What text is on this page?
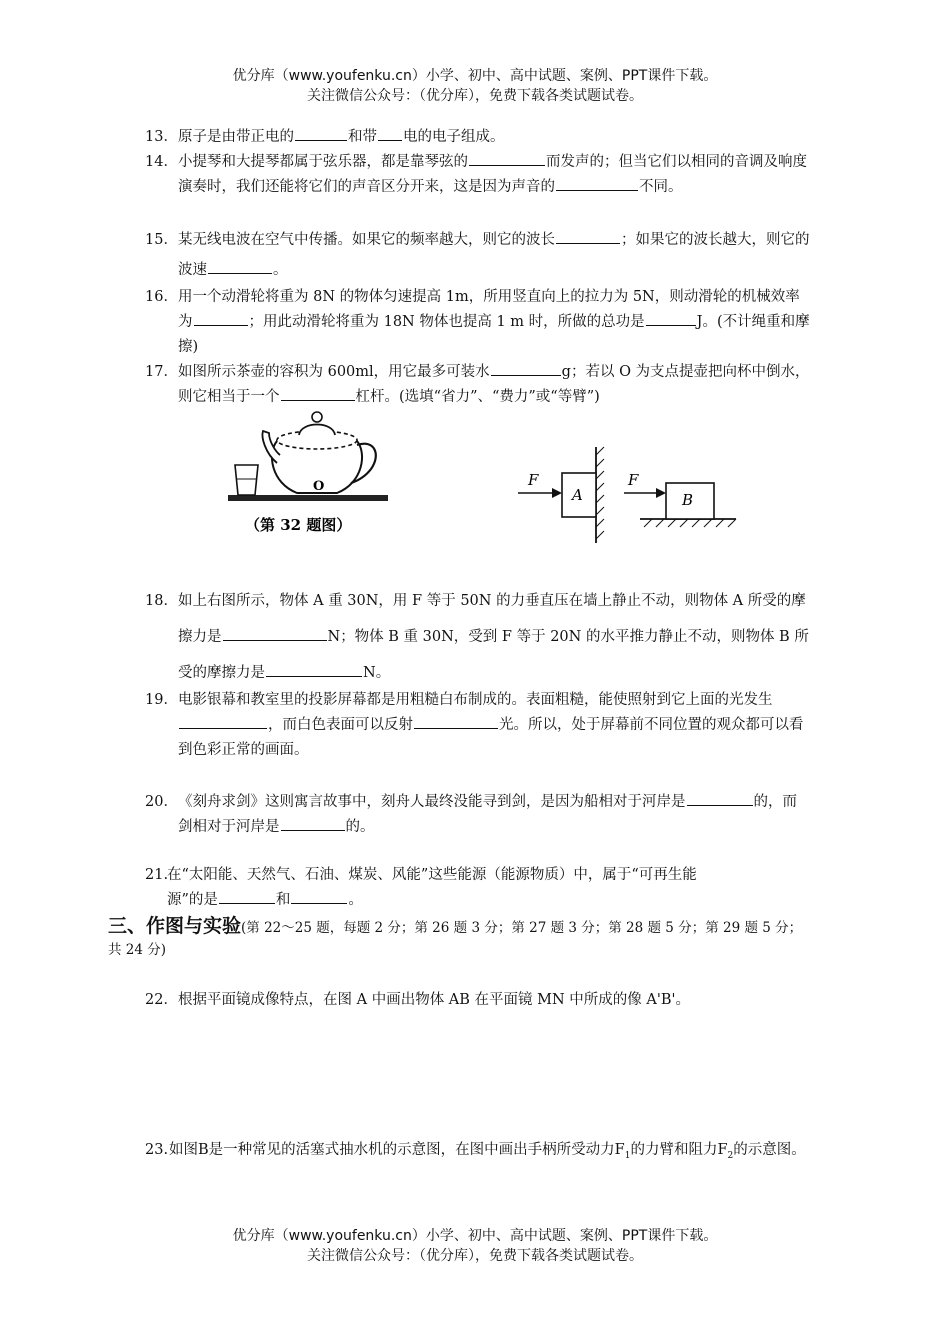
优分库（www.youfenku.cn）小学、初中、高中试题、案例、PPT课件下载。
关注微信公众号：（优分库），免费下载各类试题试卷。
13． 原子是由带正电的	和带 电的电子组成。
14． 小提琴和大提琴都属于弦乐器，都是靠琴弦的	而发声的；但当它们以相同的音调及响度演奏时，我们还能将它们的声音区分开来，这是因为声音的	不同。
15． 某无线电波在空气中传播。如果它的频率越大，则它的波长	；如果它的波长越大，则它的波速	。
16． 用一个动滑轮将重为 8N 的物体匀速提高 1m，所用竖直向上的拉力为 5N，则动滑轮的机械效率为	；用此动滑轮将重为 18N 物体也提高 1 m 时，所做的总功是	J。(不计绳重和摩擦)
17． 如图所示茶壶的容积为 600ml，用它最多可装水	g；若以 O 为支点提壶把向杯中倒水，则它相当于一个	杠杆。(选填“省力”、“费力”或“等臂”)
O
（第 32 题图）
A
F
B
F
18． 如上右图所示，物体 A 重 30N，用 F 等于 50N 的力垂直压在墙上静止不动，则物体 A 所受的摩擦力是	N；物体 B 重 30N，受到 F 等于 20N 的水平推力静止不动，则物体 B 所受的摩擦力是	N。
19． 电影银幕和教室里的投影屏幕都是用粗糙白布制成的。表面粗糙，能使照射到它上面的光发生，而白色表面可以反射	光。所以，处于屏幕前不同位置的观众都可以看到色彩正常的画面。
20． 《刻舟求剑》这则寓言故事中，刻舟人最终没能寻到剑，是因为船相对于河岸是	的，而剑相对于河岸是	的。
21.
在“太阳能、天然气、石油、煤炭、风能”这些能源（能源物质）中，属于“可再生能源”的是	和	。
三、作图与实验(第 22～25 题，每题 2 分；第 26 题 3 分；第 27 题 3 分；第 28 题 5 分；第 29 题 5 分；共 24 分)
22． 根据平面镜成像特点，在图 A 中画出物体 AB 在平面镜 MN 中所成的像 A'B'。
23. 如图B是一种常见的活塞式抽水机的示意图，在图中画出手柄所受动力$F_1$的力臂和阻力$F_2$的示意图。
优分库（www.youfenku.cn）小学、初中、高中试题、案例、PPT课件下载。
关注微信公众号：（优分库），免费下载各类试题试卷。
